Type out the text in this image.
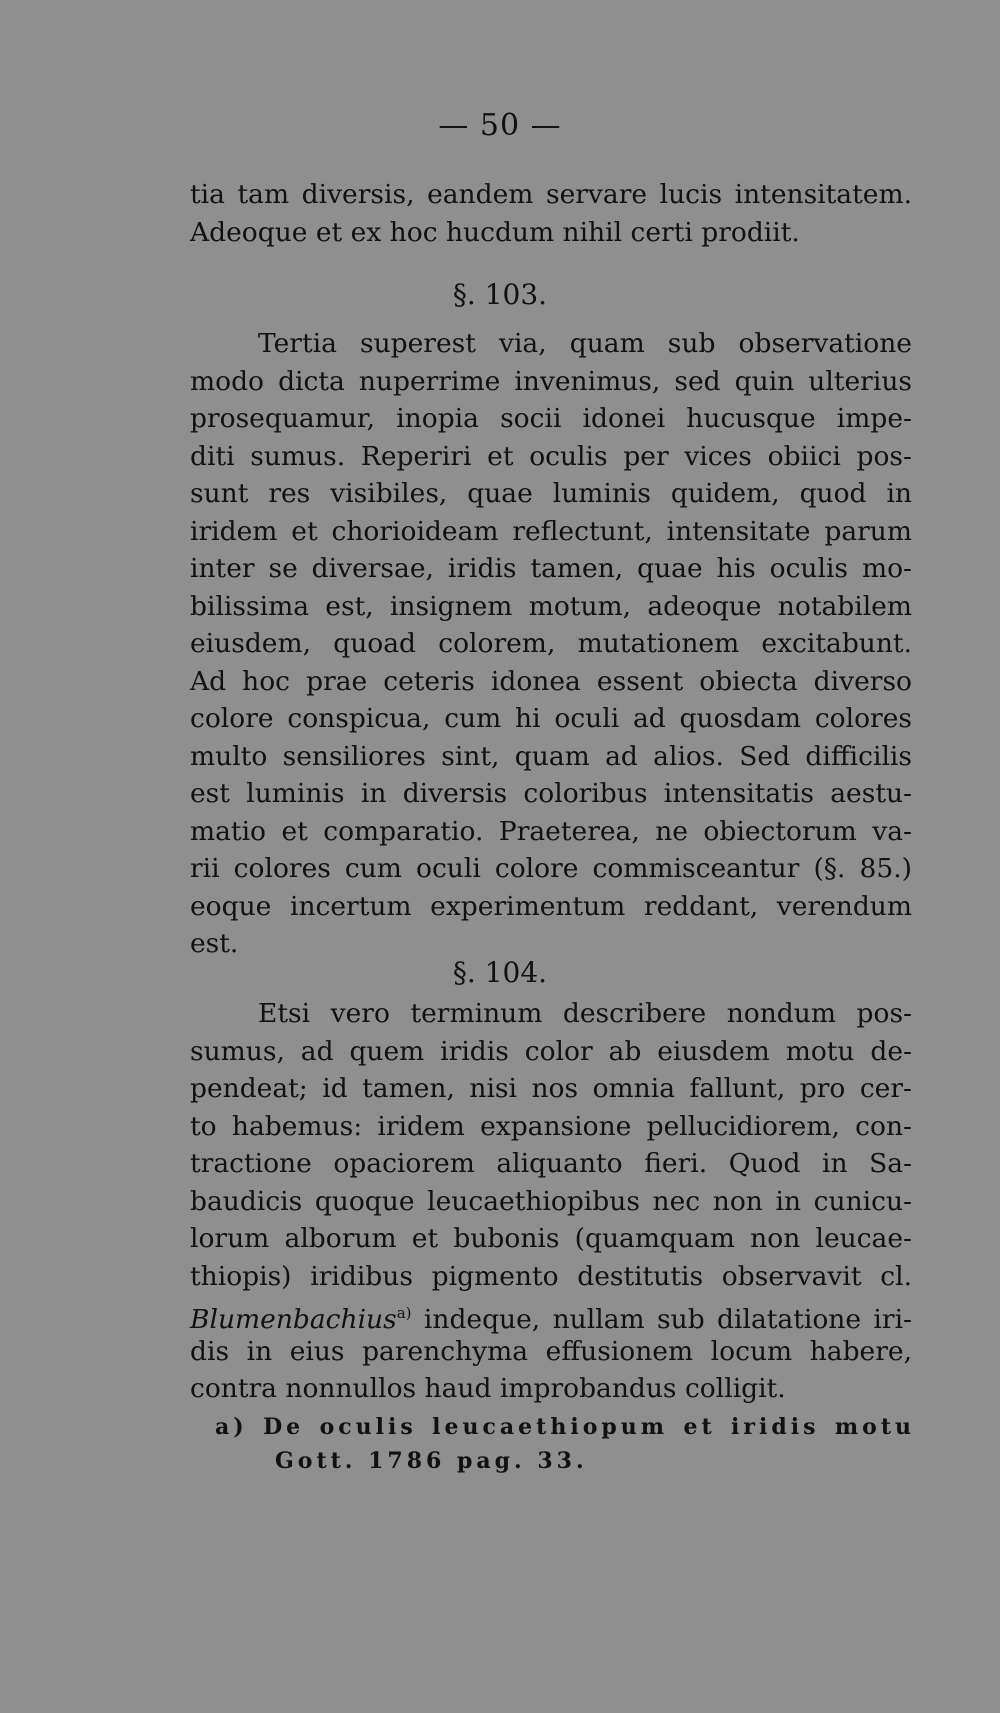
— 50 —
tia tam diversis, eandem servare lucis intensitatem.
Adeoque et ex hoc hucdum nihil certi prodiit.
§. 103.
Tertia superest via, quam sub observatione
modo dicta nuperrime invenimus, sed quin ulterius
prosequamur, inopia socii idonei hucusque impe-
diti sumus. Reperiri et oculis per vices obiici pos-
sunt res visibiles, quae luminis quidem, quod in
iridem et chorioideam reflectunt, intensitate parum
inter se diversae, iridis tamen, quae his oculis mo-
bilissima est, insignem motum, adeoque notabilem
eiusdem, quoad colorem, mutationem excitabunt.
Ad hoc prae ceteris idonea essent obiecta diverso
colore conspicua, cum hi oculi ad quosdam colores
multo sensiliores sint, quam ad alios. Sed difficilis
est luminis in diversis coloribus intensitatis aestu-
matio et comparatio. Praeterea, ne obiectorum va-
rii colores cum oculi colore commisceantur (§. 85.)
eoque incertum experimentum reddant, verendum
est.
§. 104.
Etsi vero terminum describere nondum pos-
sumus, ad quem iridis color ab eiusdem motu de-
pendeat; id tamen, nisi nos omnia fallunt, pro cer-
to habemus: iridem expansione pellucidiorem, con-
tractione opaciorem aliquanto fieri. Quod in Sa-
baudicis quoque leucaethiopibus nec non in cunicu-
lorum alborum et bubonis (quamquam non leucae-
thiopis) iridibus pigmento destitutis observavit cl.
Blumenbachius$^{a)}$ indeque, nullam sub dilatatione iri-
dis in eius parenchyma effusionem locum habere,
contra nonnullos haud improbandus colligit.
a) De oculis leucaethiopum et iridis motu
Gott. 1786 pag. 33.
